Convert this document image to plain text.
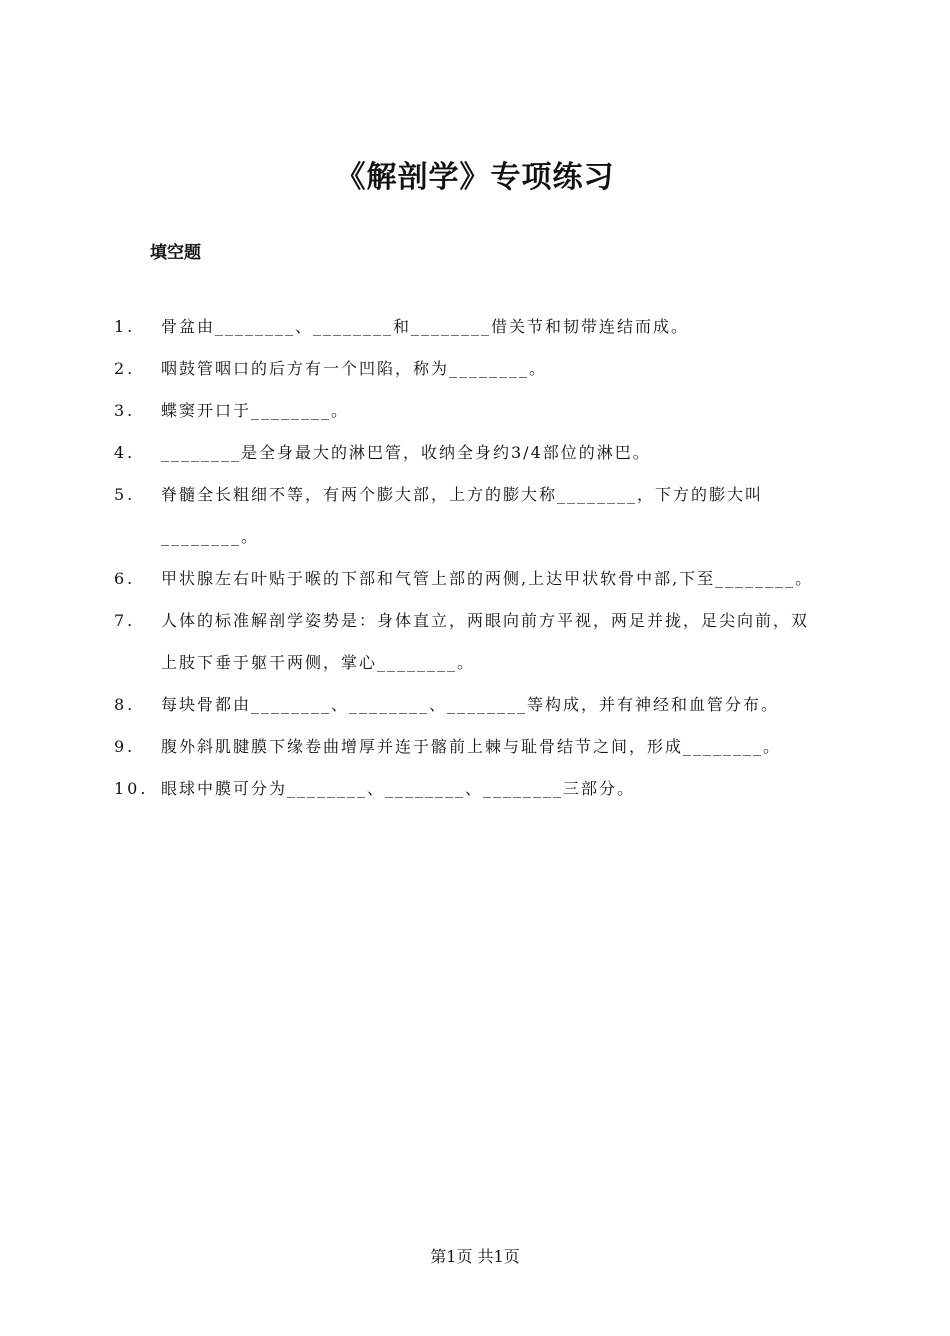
《解剖学》专项练习
填空题
1.	骨盆由________、________和________借关节和韧带连结而成。
2.	咽鼓管咽口的后方有一个凹陷，称为________。
3.	蝶窦开口于________。
4.	________是全身最大的淋巴管，收纳全身约3/4部位的淋巴。
5.	脊髓全长粗细不等，有两个膨大部，上方的膨大称________，下方的膨大叫
________。
6.	甲状腺左右叶贴于喉的下部和气管上部的两侧,上达甲状软骨中部,下至________。
7.	人体的标准解剖学姿势是：身体直立，两眼向前方平视，两足并拢，足尖向前，双
上肢下垂于躯干两侧，掌心________。
8.	每块骨都由________、________、________等构成，并有神经和血管分布。
9.	腹外斜肌腱膜下缘卷曲增厚并连于髂前上棘与耻骨结节之间，形成________。
10. 眼球中膜可分为________、________、________三部分。
第1页 共1页
